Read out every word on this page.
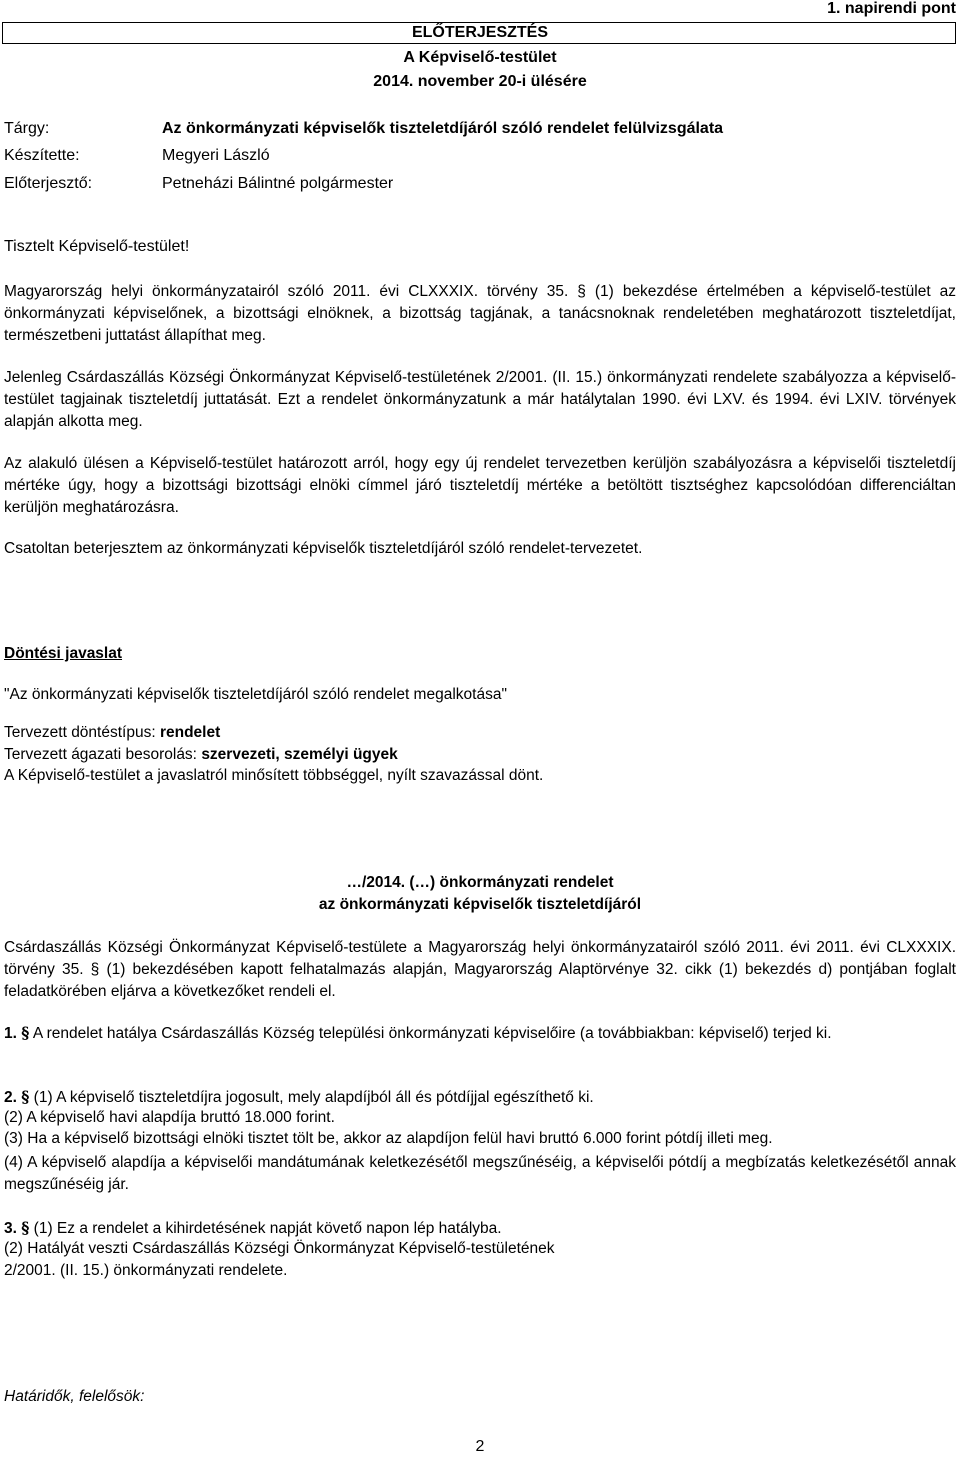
1. napirendi pont
ELŐTERJESZTÉS
A Képviselő-testület
2014. november 20-i ülésére
Tárgy:	Az önkormányzati képviselők tiszteletdíjáról szóló rendelet felülvizsgálata
Készítette:	Megyeri László
Előterjesztő:	Petneházi Bálintné polgármester
Tisztelt Képviselő-testület!
Magyarország helyi önkormányzatairól szóló 2011. évi CLXXXIX. törvény 35. § (1) bekezdése értelmében a képviselő-testület az önkormányzati képviselőnek, a bizottsági elnöknek, a bizottság tagjának, a tanácsnoknak rendeletében meghatározott tiszteletdíjat, természetbeni juttatást állapíthat meg.
Jelenleg Csárdaszállás Községi Önkormányzat Képviselő-testületének 2/2001. (II. 15.) önkormányzati rendelete szabályozza a képviselő-testület tagjainak tiszteletdíj juttatását. Ezt a rendelet önkormányzatunk a már hatálytalan 1990. évi LXV. és 1994. évi LXIV. törvények alapján alkotta meg.
Az alakuló ülésen a Képviselő-testület határozott arról, hogy egy új rendelet tervezetben kerüljön szabályozásra a képviselői tiszteletdíj mértéke úgy, hogy a bizottsági bizottsági elnöki címmel járó tiszteletdíj mértéke a betöltött tisztséghez kapcsolódóan differenciáltan kerüljön meghatározásra.
Csatoltan beterjesztem az önkormányzati képviselők tiszteletdíjáról szóló rendelet-tervezetet.
Döntési javaslat
"Az önkormányzati képviselők tiszteletdíjáról szóló rendelet megalkotása"
Tervezett döntéstípus: rendelet
Tervezett ágazati besorolás: szervezeti, személyi ügyek
A Képviselő-testület a javaslatról minősített többséggel, nyílt szavazással dönt.
…/2014. (…) önkormányzati rendelet
az önkormányzati képviselők tiszteletdíjáról
Csárdaszállás Községi Önkormányzat Képviselő-testülete a Magyarország helyi önkormányzatairól szóló 2011. évi 2011. évi CLXXXIX. törvény 35. § (1) bekezdésében kapott felhatalmazás alapján, Magyarország Alaptörvénye 32. cikk (1) bekezdés d) pontjában foglalt feladatkörében eljárva a következőket rendeli el.
1. § A rendelet hatálya Csárdaszállás Község települési önkormányzati képviselőire (a továbbiakban: képviselő) terjed ki.
2. § (1) A képviselő tiszteletdíjra jogosult, mely alapdíjból áll és pótdíjjal egészíthető ki.
(2) A képviselő havi alapdíja bruttó 18.000 forint.
(3) Ha a képviselő bizottsági elnöki tisztet tölt be, akkor az alapdíjon felül havi bruttó 6.000 forint pótdíj illeti meg.
(4) A képviselő alapdíja a képviselői mandátumának keletkezésétől megszűnéséig, a képviselői pótdíj a megbízatás keletkezésétől annak megszűnéséig jár.
3. § (1) Ez a rendelet a kihirdetésének napját követő napon lép hatályba.
(2) Hatályát veszti Csárdaszállás Községi Önkormányzat Képviselő-testületének
2/2001. (II. 15.) önkormányzati rendelete.
Határidők, felelősök:
2
